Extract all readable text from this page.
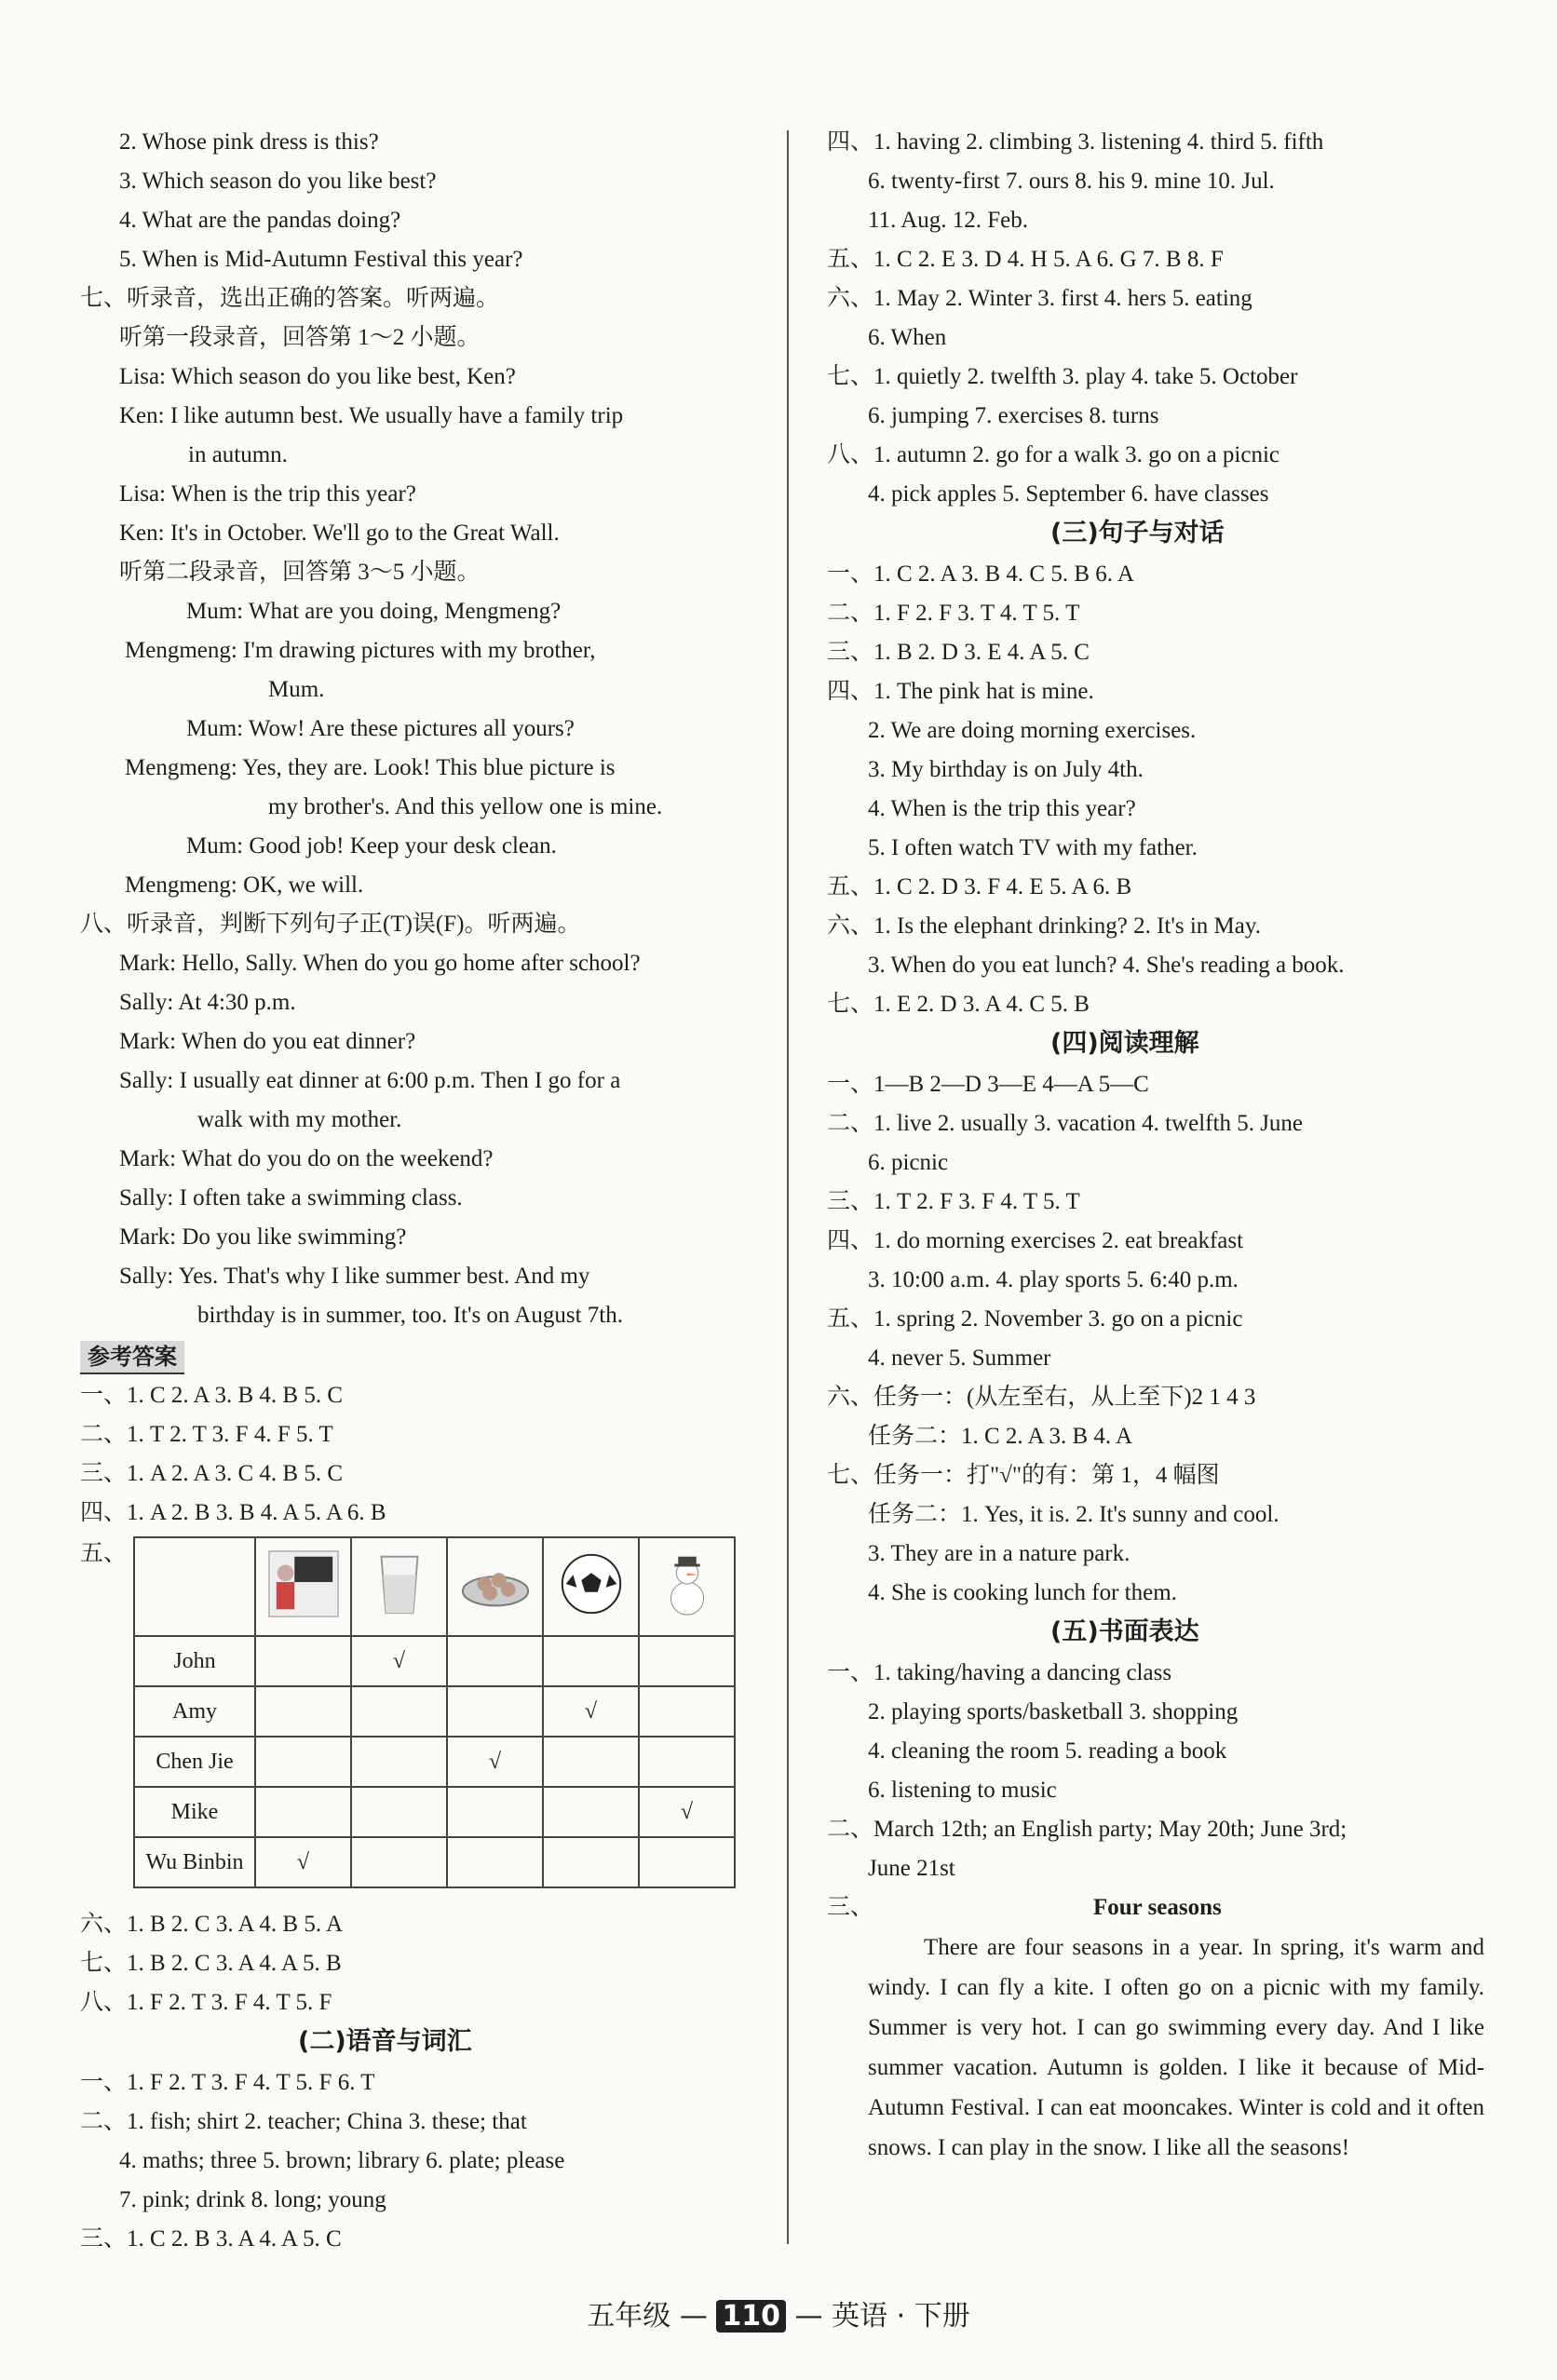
2. Whose pink dress is this?
3. Which season do you like best?
4. What are the pandas doing?
5. When is Mid-Autumn Festival this year?
七、听录音，选出正确的答案。听两遍。
听第一段录音，回答第 1～2 小题。
Lisa: Which season do you like best, Ken?
Ken: I like autumn best. We usually have a family trip
in autumn.
Lisa: When is the trip this year?
Ken: It's in October. We'll go to the Great Wall.
听第二段录音，回答第 3～5 小题。
Mum: What are you doing, Mengmeng?
Mengmeng: I'm drawing pictures with my brother,
Mum.
Mum: Wow! Are these pictures all yours?
Mengmeng: Yes, they are. Look! This blue picture is
my brother's. And this yellow one is mine.
Mum: Good job! Keep your desk clean.
Mengmeng: OK, we will.
八、听录音，判断下列句子正(T)误(F)。听两遍。
Mark: Hello, Sally. When do you go home after school?
Sally: At 4:30 p.m.
Mark: When do you eat dinner?
Sally: I usually eat dinner at 6:00 p.m. Then I go for a
walk with my mother.
Mark: What do you do on the weekend?
Sally: I often take a swimming class.
Mark: Do you like swimming?
Sally: Yes. That's why I like summer best. And my
birthday is in summer, too. It's on August 7th.
参考答案
一、1. C 2. A 3. B 4. B 5. C
二、1. T 2. T 3. F 4. F 5. T
三、1. A 2. A 3. C 4. B 5. C
四、1. A 2. B 3. B 4. A 5. A 6. B
五、

John		√			
Amy				√	
Chen Jie			√		
Mike					√
Wu Binbin	√				
六、1. B 2. C 3. A 4. B 5. A
七、1. B 2. C 3. A 4. A 5. B
八、1. F 2. T 3. F 4. T 5. F
(二)语音与词汇
一、1. F 2. T 3. F 4. T 5. F 6. T
二、1. fish; shirt 2. teacher; China 3. these; that
4. maths; three 5. brown; library 6. plate; please
7. pink; drink 8. long; young
三、1. C 2. B 3. A 4. A 5. C
四、1. having 2. climbing 3. listening 4. third 5. fifth
6. twenty-first 7. ours 8. his 9. mine 10. Jul.
11. Aug. 12. Feb.
五、1. C 2. E 3. D 4. H 5. A 6. G 7. B 8. F
六、1. May 2. Winter 3. first 4. hers 5. eating
6. When
七、1. quietly 2. twelfth 3. play 4. take 5. October
6. jumping 7. exercises 8. turns
八、1. autumn 2. go for a walk 3. go on a picnic
4. pick apples 5. September 6. have classes
(三)句子与对话
一、1. C 2. A 3. B 4. C 5. B 6. A
二、1. F 2. F 3. T 4. T 5. T
三、1. B 2. D 3. E 4. A 5. C
四、1. The pink hat is mine.
2. We are doing morning exercises.
3. My birthday is on July 4th.
4. When is the trip this year?
5. I often watch TV with my father.
五、1. C 2. D 3. F 4. E 5. A 6. B
六、1. Is the elephant drinking? 2. It's in May.
3. When do you eat lunch? 4. She's reading a book.
七、1. E 2. D 3. A 4. C 5. B
(四)阅读理解
一、1—B 2—D 3—E 4—A 5—C
二、1. live 2. usually 3. vacation 4. twelfth 5. June
6. picnic
三、1. T 2. F 3. F 4. T 5. T
四、1. do morning exercises 2. eat breakfast
3. 10:00 a.m. 4. play sports 5. 6:40 p.m.
五、1. spring 2. November 3. go on a picnic
4. never 5. Summer
六、任务一：(从左至右，从上至下)2 1 4 3
任务二：1. C 2. A 3. B 4. A
七、任务一：打"√"的有：第 1，4 幅图
任务二：1. Yes, it is. 2. It's sunny and cool.
3. They are in a nature park.
4. She is cooking lunch for them.
(五)书面表达
一、1. taking/having a dancing class
2. playing sports/basketball 3. shopping
4. cleaning the room 5. reading a book
6. listening to music
二、March 12th; an English party; May 20th; June 3rd;
June 21st
三、	Four seasons
There are four seasons in a year. In spring, it's warm and windy. I can fly a kite. I often go on a picnic with my family. Summer is very hot. I can go swimming every day. And I like summer vacation. Autumn is golden. I like it because of Mid-Autumn Festival. I can eat mooncakes. Winter is cold and it often snows. I can play in the snow. I like all the seasons!
五年级 — 110 — 英语 · 下册
